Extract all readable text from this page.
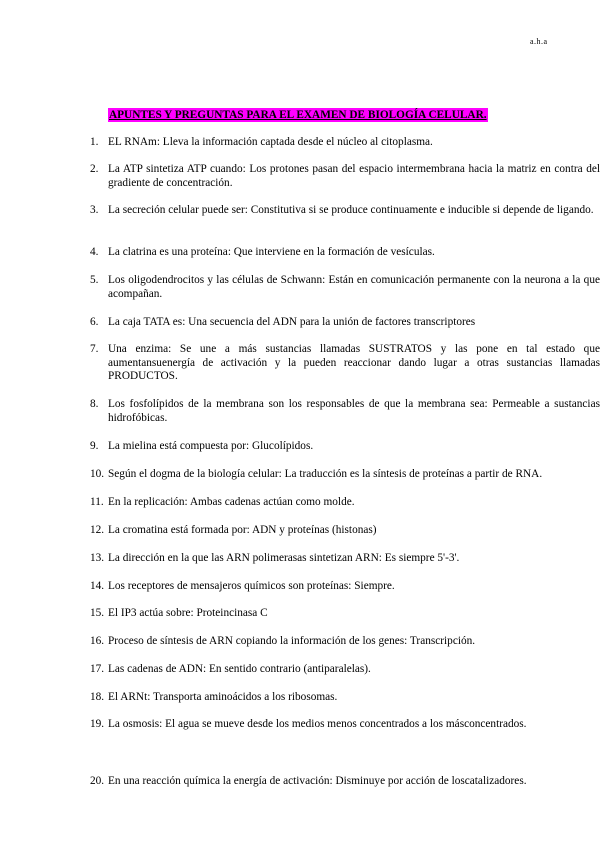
a.h.a
APUNTES Y PREGUNTAS PARA EL EXAMEN DE BIOLOGÍA CELULAR.
1. EL RNAm: Lleva la información captada desde el núcleo al citoplasma.
2. La ATP sintetiza ATP cuando: Los protones pasan del espacio intermembrana hacia la matriz en contra del gradiente de concentración.
3. La secreción celular puede ser: Constitutiva si se produce continuamente e inducible si depende de ligando.
4. La clatrina es una proteína: Que interviene en la formación de vesículas.
5. Los oligodendrocitos y las células de Schwann: Están en comunicación permanente con la neurona a la que acompañan.
6. La caja TATA es: Una secuencia del ADN para la unión de factores transcriptores
7. Una enzima: Se une a más sustancias llamadas SUSTRATOS y las pone en tal estado que aumentansuenergía de activación y la pueden reaccionar dando lugar a otras sustancias llamadas PRODUCTOS.
8. Los fosfolípidos de la membrana son los responsables de que la membrana sea: Permeable a sustancias hidrofóbicas.
9. La mielina está compuesta por: Glucolípidos.
10. Según el dogma de la biología celular: La traducción es la síntesis de proteínas a partir de RNA.
11. En la replicación: Ambas cadenas actúan como molde.
12. La cromatina está formada por: ADN y proteínas (histonas)
13. La dirección en la que las ARN polimerasas sintetizan ARN: Es siempre 5'-3'.
14. Los receptores de mensajeros químicos son proteínas: Siempre.
15. El IP3 actúa sobre: Proteincinasa C
16. Proceso de síntesis de ARN copiando la información de los genes: Transcripción.
17. Las cadenas de ADN: En sentido contrario (antiparalelas).
18. El ARNt: Transporta aminoácidos a los ribosomas.
19. La osmosis: El agua se mueve desde los medios menos concentrados a los másconcentrados.
20. En una reacción química la energía de activación: Disminuye por acción de loscatalizadores.
